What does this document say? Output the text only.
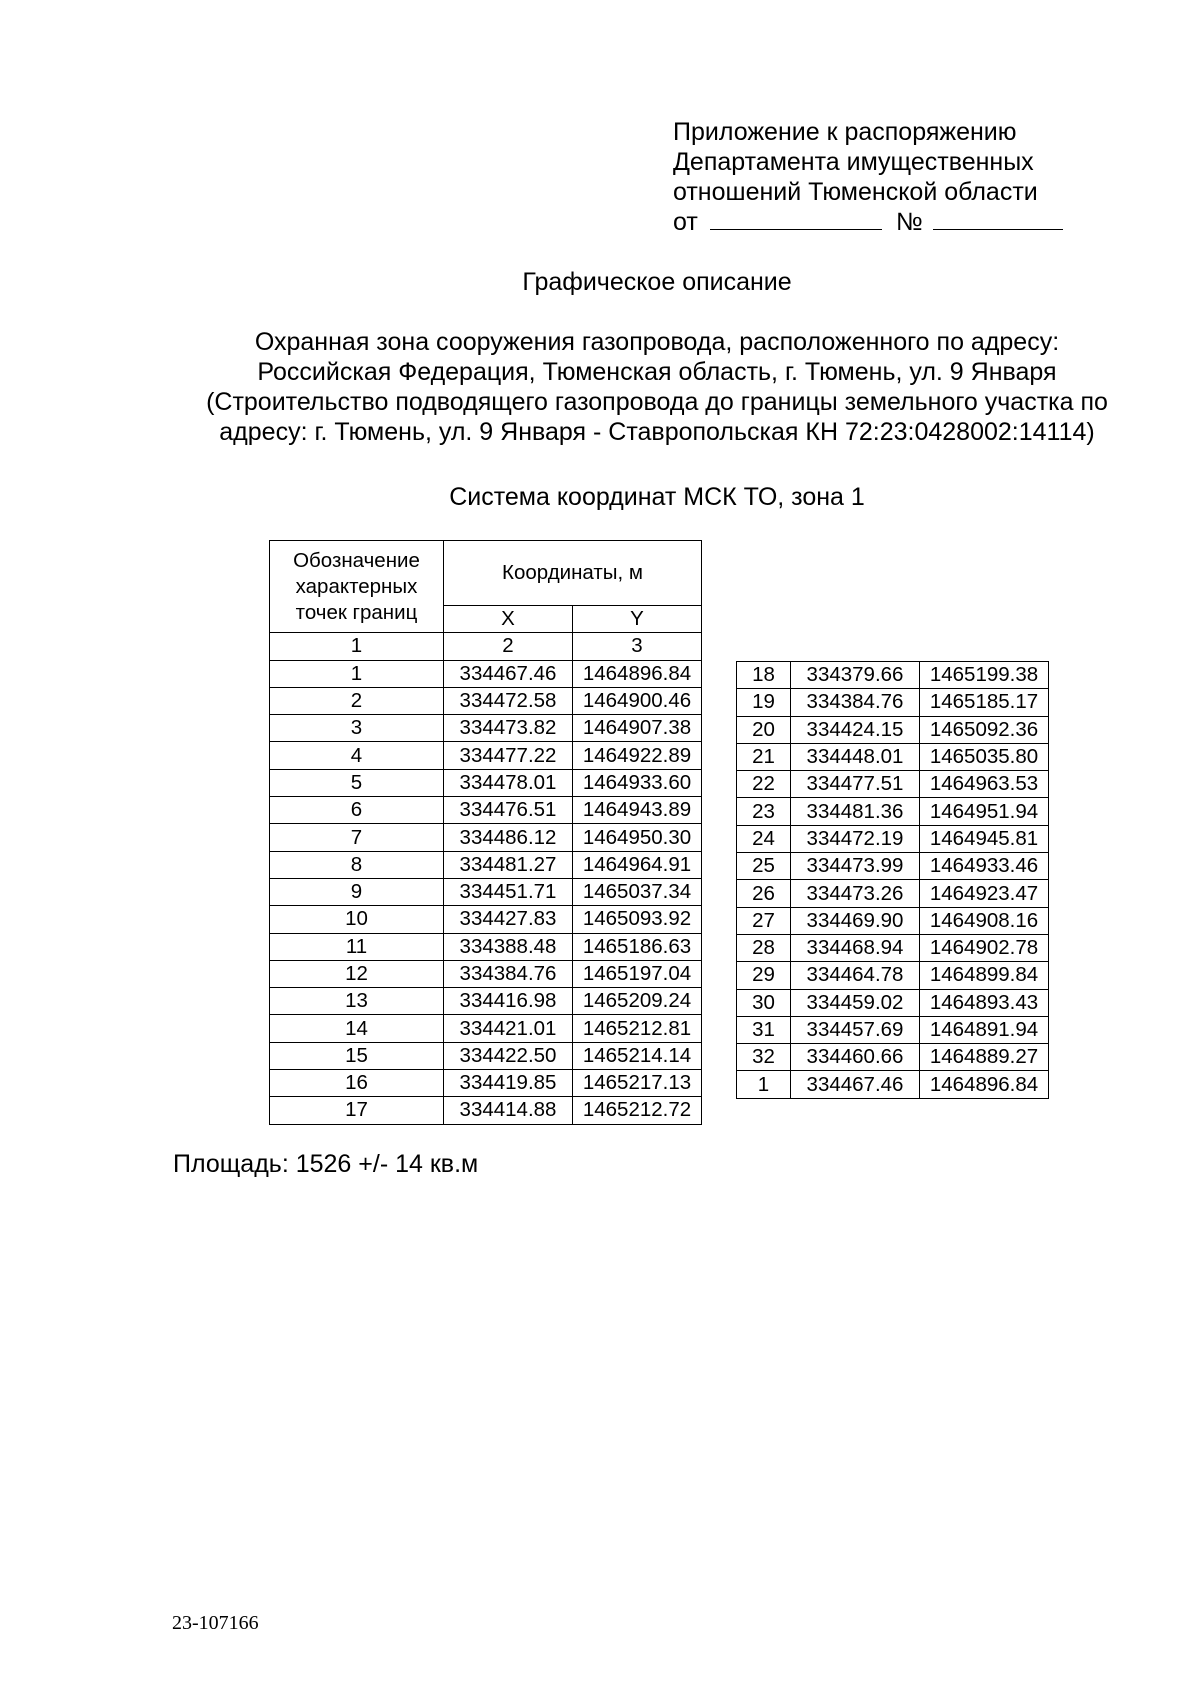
Приложение к распоряжению
Департамента имущественных
отношений Тюменской области
от	№
Графическое описание
Охранная зона сооружения газопровода, расположенного по адресу:
Российская Федерация, Тюменская область, г. Тюмень, ул. 9 Января
(Строительство подводящего газопровода до границы земельного участка по
адресу: г. Тюмень, ул. 9 Января - Ставропольская КН 72:23:0428002:14114)
Система координат МСК ТО, зона 1
Обозначение характерных точек границ	Координаты, м	
	X	Y
1	2	3
1	334467.46	1464896.84
2	334472.58	1464900.46
3	334473.82	1464907.38
4	334477.22	1464922.89
5	334478.01	1464933.60
6	334476.51	1464943.89
7	334486.12	1464950.30
8	334481.27	1464964.91
9	334451.71	1465037.34
10	334427.83	1465093.92
11	334388.48	1465186.63
12	334384.76	1465197.04
13	334416.98	1465209.24
14	334421.01	1465212.81
15	334422.50	1465214.14
16	334419.85	1465217.13
17	334414.88	1465212.72
18	334379.66	1465199.38
19	334384.76	1465185.17
20	334424.15	1465092.36
21	334448.01	1465035.80
22	334477.51	1464963.53
23	334481.36	1464951.94
24	334472.19	1464945.81
25	334473.99	1464933.46
26	334473.26	1464923.47
27	334469.90	1464908.16
28	334468.94	1464902.78
29	334464.78	1464899.84
30	334459.02	1464893.43
31	334457.69	1464891.94
32	334460.66	1464889.27
1	334467.46	1464896.84
Площадь: 1526 +/- 14 кв.м
23-107166
